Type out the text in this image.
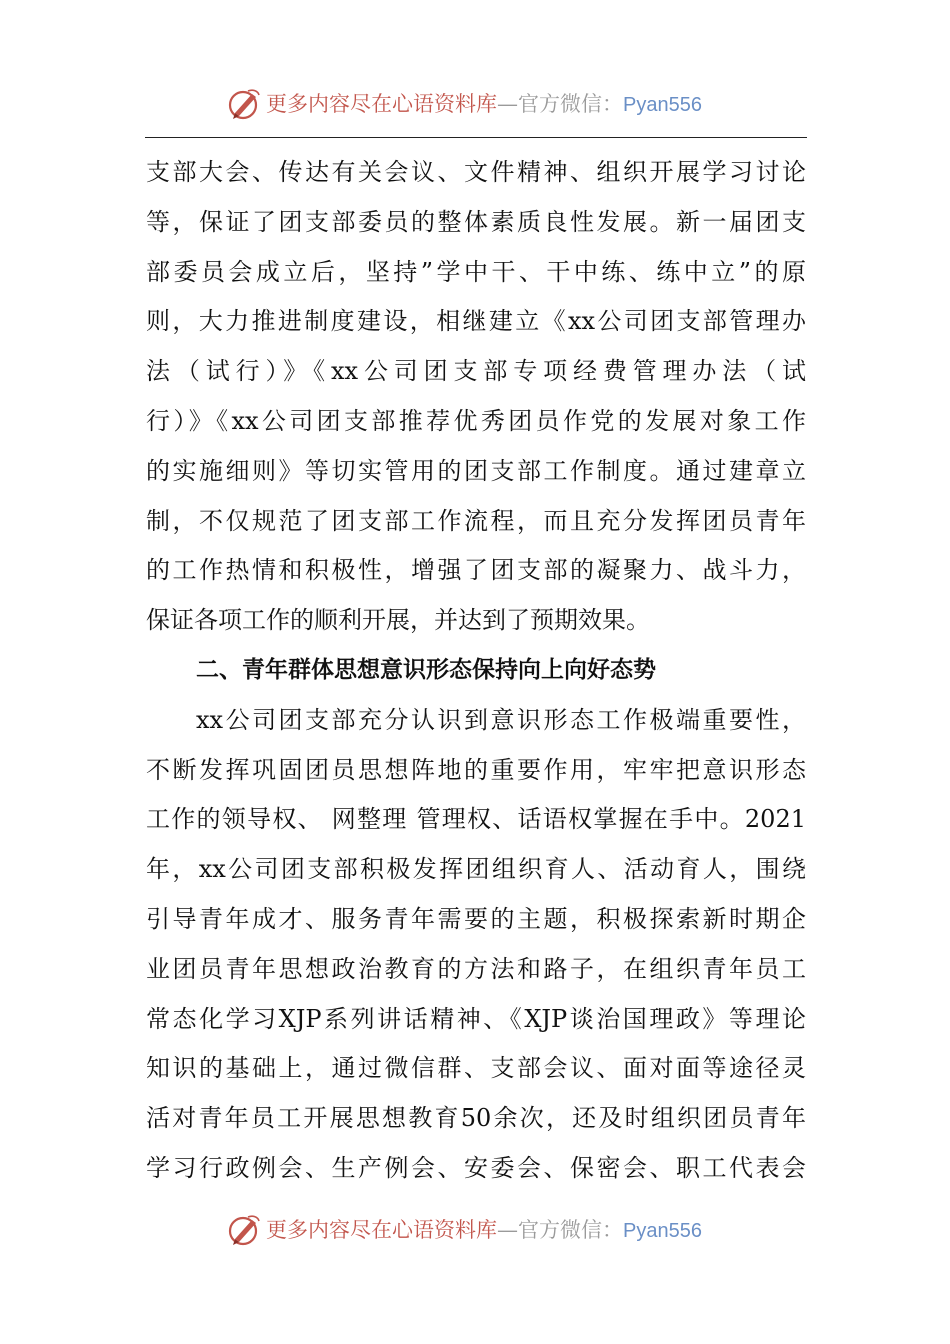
更多内容尽在心语资料库—官方微信：Pyan556
支部大会、传达有关会议、文件精神、组织开展学习讨论
等，保证了团支部委员的整体素质良性发展。新一届团支
部委员会成立后，坚持”学中干、干中练、练中立”的原
则，大力推进制度建设，相继建立《xx公司团支部管理办
法（试行）》《xx公司团支部专项经费管理办法（试
行）》《xx公司团支部推荐优秀团员作党的发展对象工作
的实施细则》等切实管用的团支部工作制度。通过建章立
制，不仅规范了团支部工作流程，而且充分发挥团员青年
的工作热情和积极性，增强了团支部的凝聚力、战斗力，
保证各项工作的顺利开展，并达到了预期效果。
二、青年群体思想意识形态保持向上向好态势
xx公司团支部充分认识到意识形态工作极端重要性，
不断发挥巩固团员思想阵地的重要作用，牢牢把意识形态
工作的领导权、 网整理 管理权、话语权掌握在手中。2021
年，xx公司团支部积极发挥团组织育人、活动育人，围绕
引导青年成才、服务青年需要的主题，积极探索新时期企
业团员青年思想政治教育的方法和路子，在组织青年员工
常态化学习XJP系列讲话精神、《XJP谈治国理政》等理论
知识的基础上，通过微信群、支部会议、面对面等途径灵
活对青年员工开展思想教育50余次，还及时组织团员青年
学习行政例会、生产例会、安委会、保密会、职工代表会
更多内容尽在心语资料库—官方微信：Pyan556
